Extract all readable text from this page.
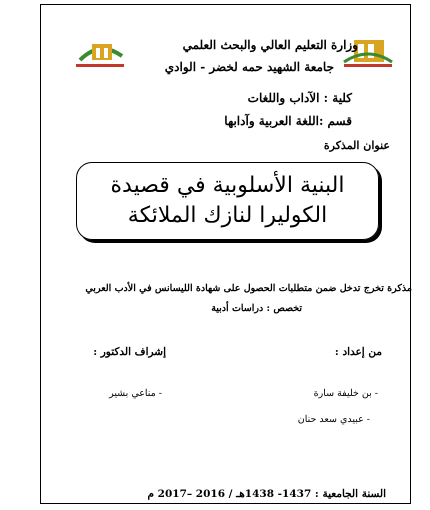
وزارة التعليم العالي والبحث العلمي
جامعة الشهيد حمه لخضر - الوادي
كلية : الآداب واللغات
قسم :اللغة العربية وآدابها
عنوان المذكرة
البنية الأسلوبية في قصيدة
الكوليرا لنازك الملائكة
مذكرة تخرج تدخل ضمن متطلبات الحصول على شهادة الليسانس في الأدب العربي
تخصص : دراسات أدبية
من إعداد :
إشراف الدكتور :
- بن خليفة سارة
- عبيدي سعد حنان
- مناعي بشير
السنة الجامعية : 1437- 1438هـ / 2016 –2017 م
